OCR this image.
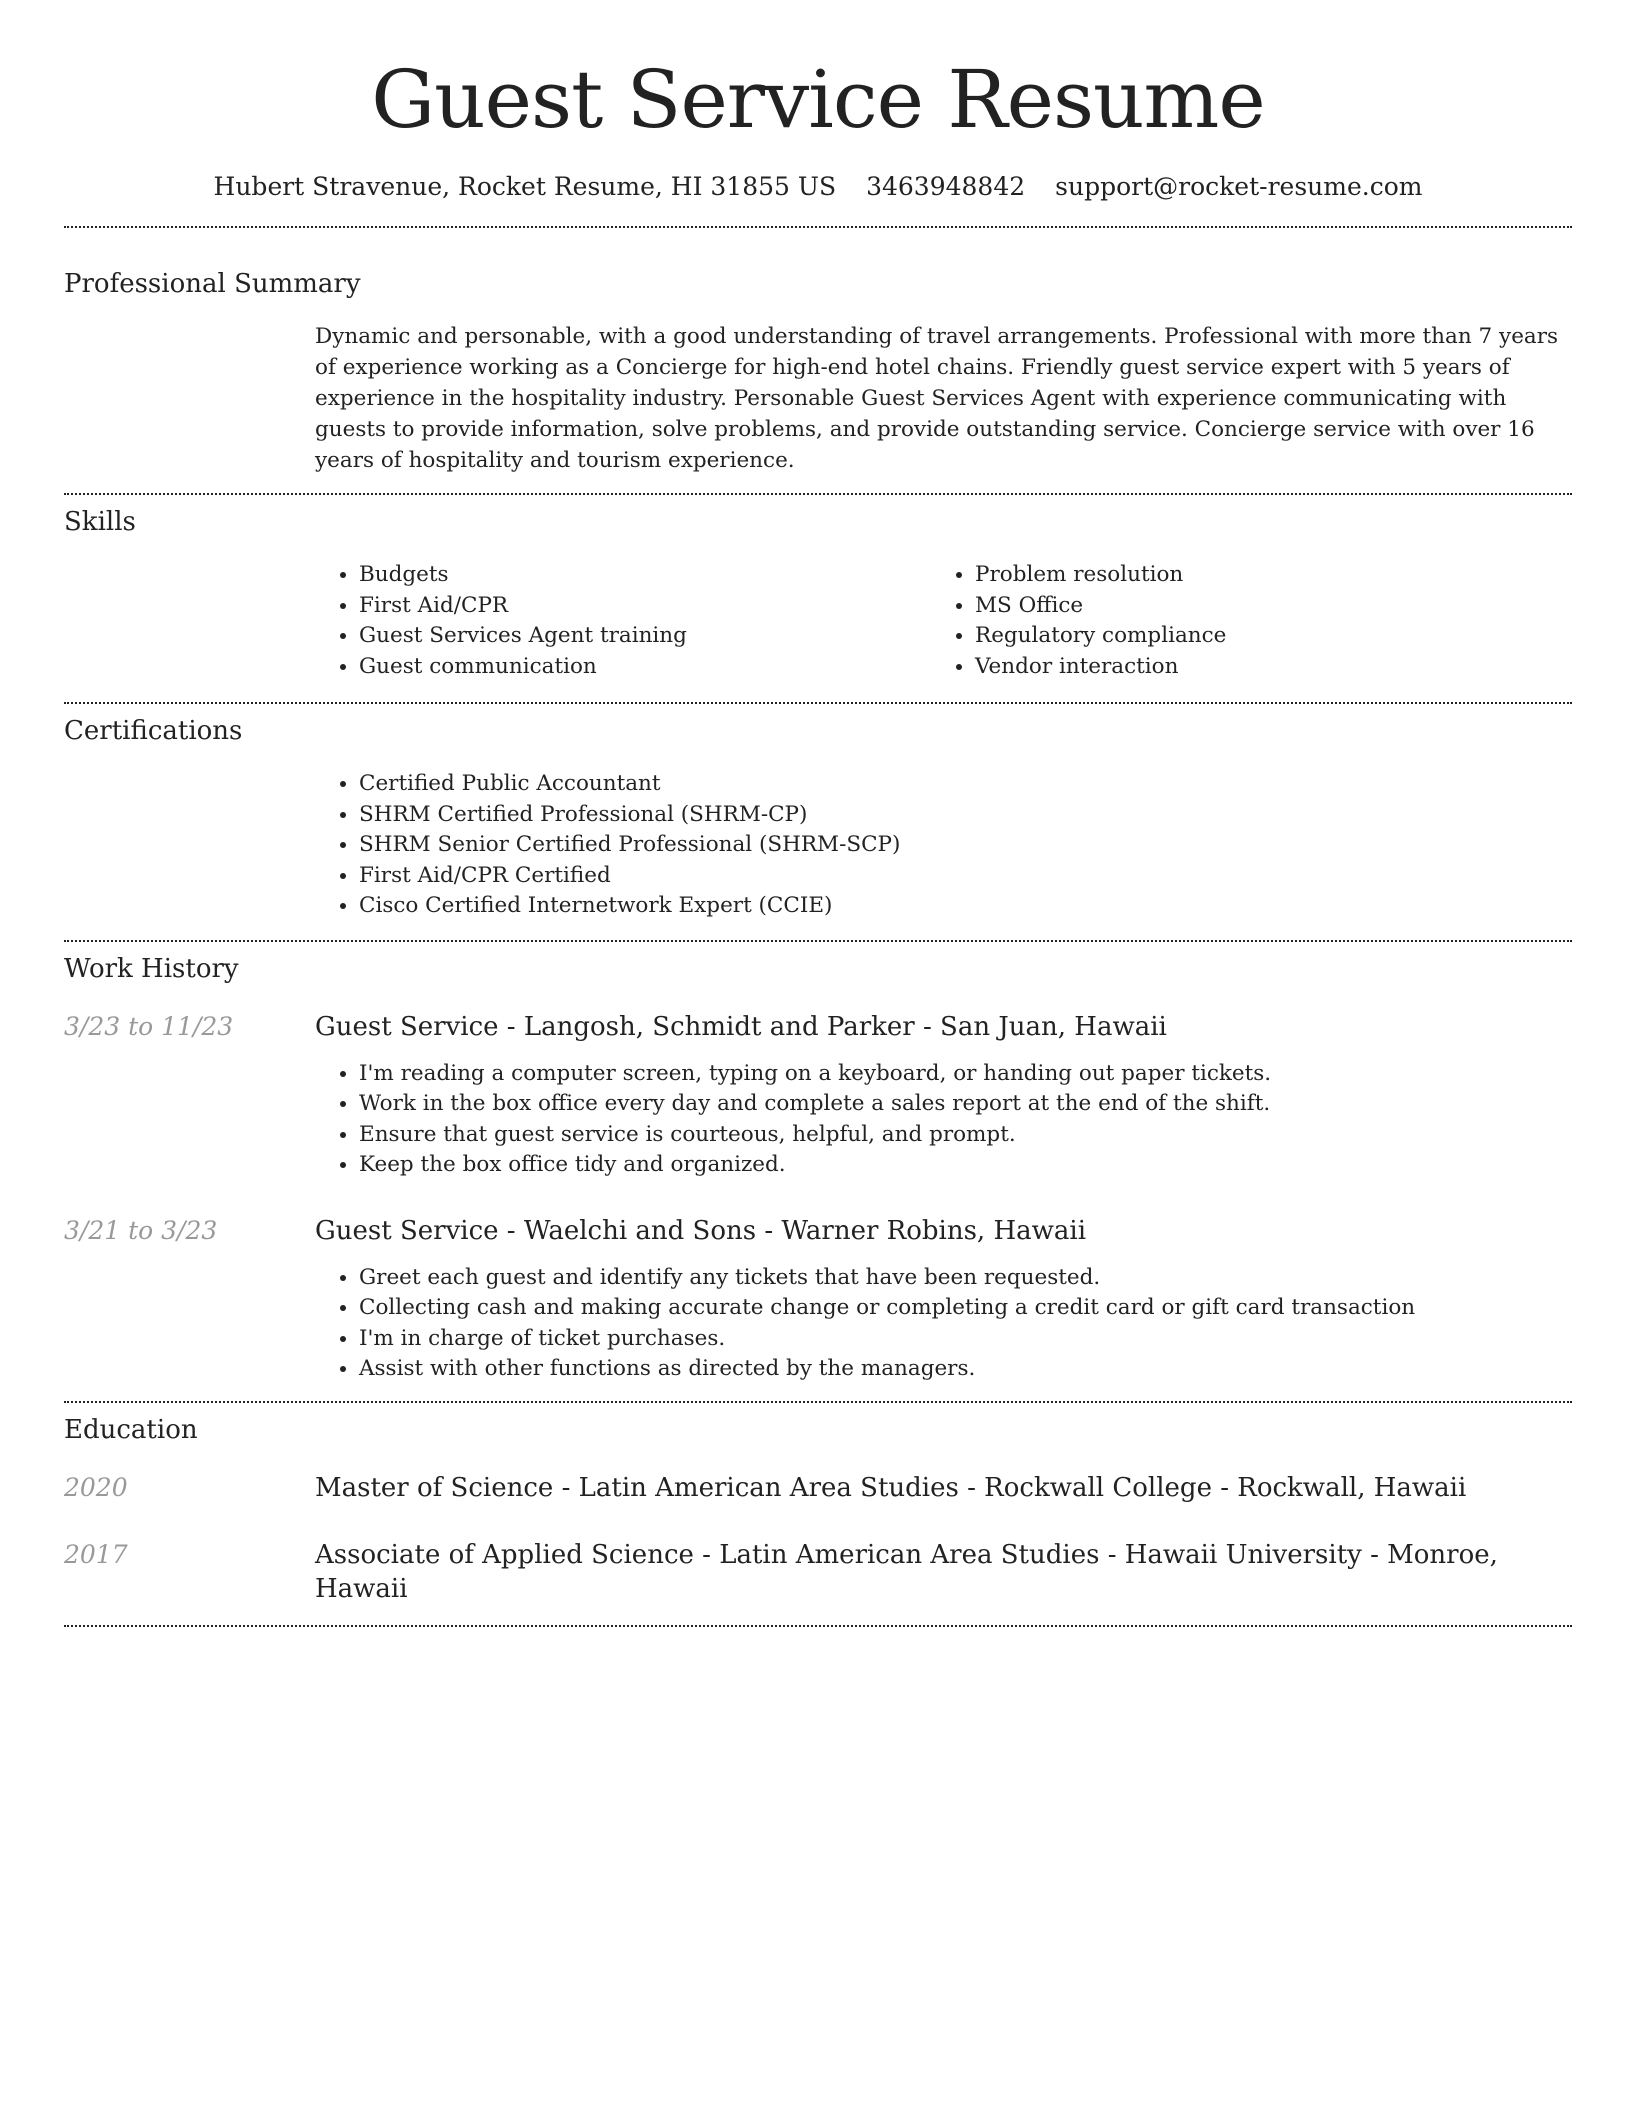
Guest Service Resume
Hubert Stravenue, Rocket Resume, HI 31855 US 3463948842 support@rocket-resume.com
Professional Summary

Dynamic and personable, with a good understanding of travel arrangements. Professional with more than 7 years of experience working as a Concierge for high-end hotel chains. Friendly guest service expert with 5 years of experience in the hospitality industry. Personable Guest Services Agent with experience communicating with guests to provide information, solve problems, and provide outstanding service. Concierge service with over 16 years of hospitality and tourism experience.

Skills
• Budgets
• First Aid/CPR
• Guest Services Agent training
• Guest communication
• Problem resolution
• MS Office
• Regulatory compliance
• Vendor interaction
Certifications
• Certified Public Accountant
• SHRM Certified Professional (SHRM-CP)
• SHRM Senior Certified Professional (SHRM-SCP)
• First Aid/CPR Certified
• Cisco Certified Internetwork Expert (CCIE)
Work History
3/23 to 11/23	Guest Service - Langosh, Schmidt and Parker - San Juan, Hawaii
• I'm reading a computer screen, typing on a keyboard, or handing out paper tickets.
• Work in the box office every day and complete a sales report at the end of the shift.
• Ensure that guest service is courteous, helpful, and prompt.
• Keep the box office tidy and organized.
3/21 to 3/23	Guest Service - Waelchi and Sons - Warner Robins, Hawaii
• Greet each guest and identify any tickets that have been requested.
• Collecting cash and making accurate change or completing a credit card or gift card transaction
• I'm in charge of ticket purchases.
• Assist with other functions as directed by the managers.
Education
2020	Master of Science - Latin American Area Studies - Rockwall College - Rockwall, Hawaii
2017	Associate of Applied Science - Latin American Area Studies - Hawaii University - Monroe, Hawaii
